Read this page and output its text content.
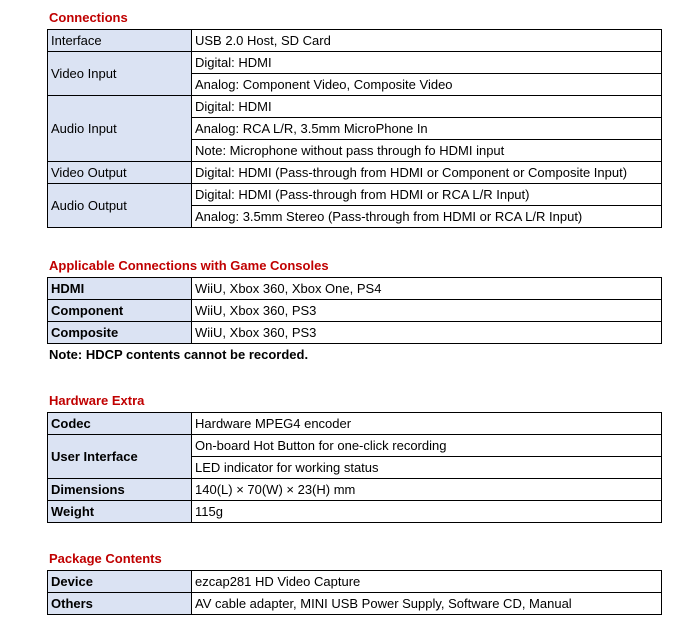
Connections
Interface	USB 2.0 Host, SD Card
Video Input	Digital: HDMI
	Analog: Component Video, Composite Video
Audio Input	Digital: HDMI
	Analog: RCA L/R, 3.5mm MicroPhone In
	Note: Microphone without pass through fo HDMI input
Video Output	Digital: HDMI (Pass-through from HDMI or Component or Composite Input)
Audio Output	Digital: HDMI (Pass-through from HDMI or RCA L/R Input)
	Analog: 3.5mm Stereo (Pass-through from HDMI or RCA L/R Input)
Applicable Connections with Game Consoles
HDMI	WiiU, Xbox 360, Xbox One, PS4
Component	WiiU, Xbox 360, PS3
Composite	WiiU, Xbox 360, PS3
Note: HDCP contents cannot be recorded.
Hardware Extra
Codec	Hardware MPEG4 encoder
User Interface	On-board Hot Button for one-click recording
	LED indicator for working status
Dimensions	140(L) × 70(W) × 23(H) mm
Weight	115g
Package Contents
Device	ezcap281 HD Video Capture
Others	AV cable adapter, MINI USB Power Supply, Software CD, Manual
